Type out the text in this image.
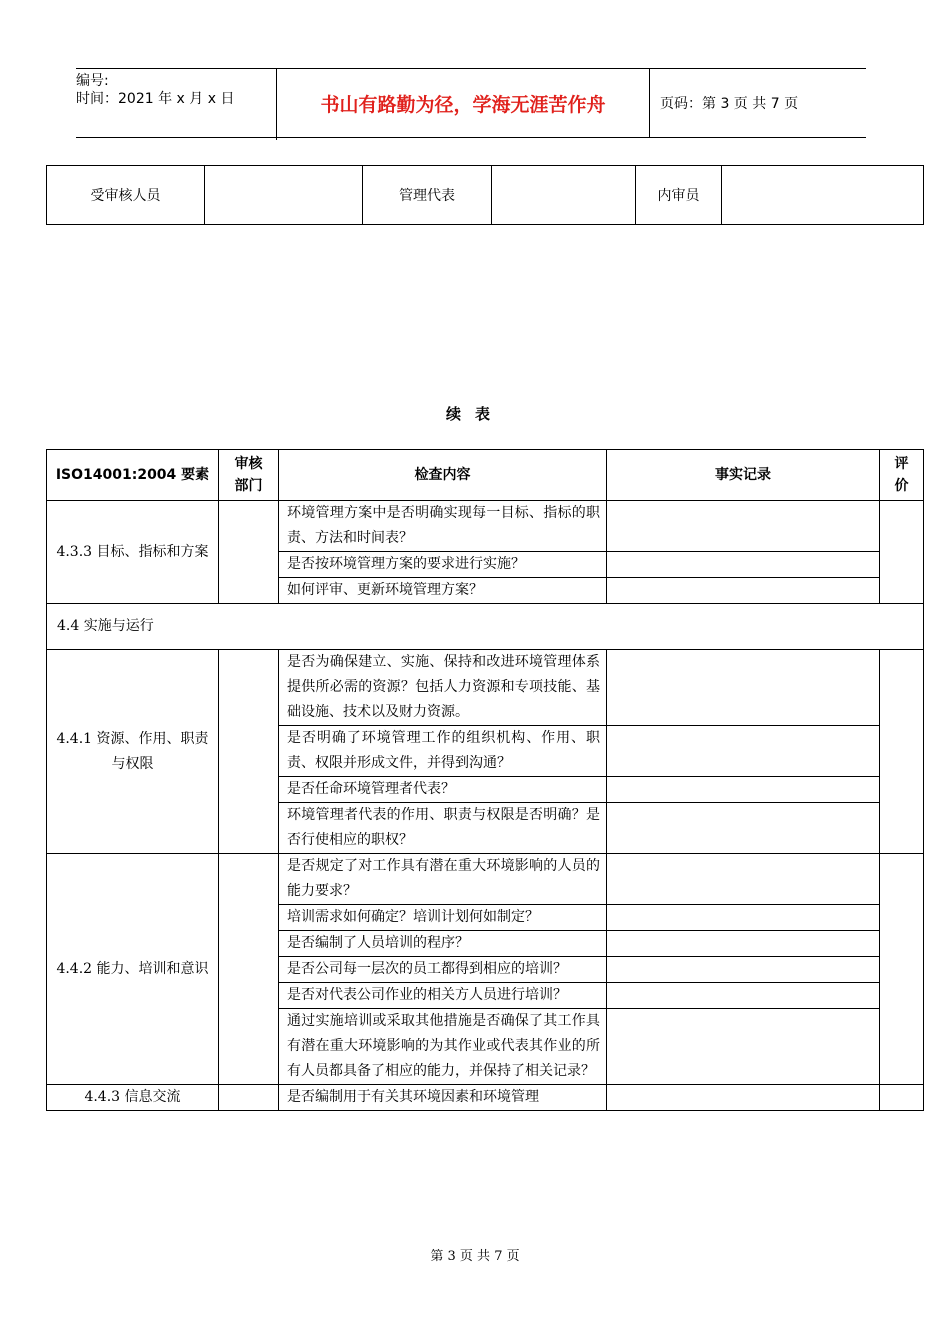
编号:
时间：2021 年 x 月 x 日	书山有路勤为径，学海无涯苦作舟	页码：第 3 页 共 7 页
受审核人员		管理代表		内审员	
续表
ISO14001:2004 要素	审核部门	检查内容	事实记录	评价
4.3.3 目标、指标和方案		环境管理方案中是否明确实现每一目标、指标的职责、方法和时间表？		
		是否按环境管理方案的要求进行实施？		
		如何评审、更新环境管理方案？		
4.4 实施与运行				
4.4.1 资源、作用、职责与权限		是否为确保建立、实施、保持和改进环境管理体系提供所必需的资源？包括人力资源和专项技能、基础设施、技术以及财力资源。		
		是否明确了环境管理工作的组织机构、作用、职责、权限并形成文件，并得到沟通？		
		是否任命环境管理者代表？		
		环境管理者代表的作用、职责与权限是否明确？是否行使相应的职权？		
4.4.2 能力、培训和意识		是否规定了对工作具有潜在重大环境影响的人员的能力要求？		
		培训需求如何确定？培训计划何如制定？		
		是否编制了人员培训的程序？		
		是否公司每一层次的员工都得到相应的培训？		
		是否对代表公司作业的相关方人员进行培训？		
		通过实施培训或采取其他措施是否确保了其工作具有潜在重大环境影响的为其作业或代表其作业的所有人员都具备了相应的能力，并保持了相关记录？		
4.4.3 信息交流		是否编制用于有关其环境因素和环境管理		
第 3 页 共 7 页
